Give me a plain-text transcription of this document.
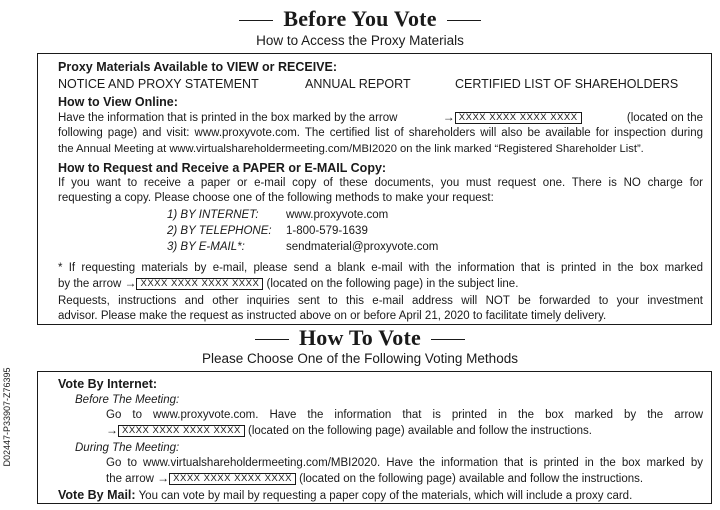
Before You Vote
How to Access the Proxy Materials
Proxy Materials Available to VIEW or RECEIVE:
NOTICE AND PROXY STATEMENT	ANNUAL REPORT	CERTIFIED LIST OF SHAREHOLDERS
How to View Online:
Have the information that is printed in the box marked by the arrow	→ XXXX XXXX XXXX XXXX	(located on the
following page) and visit: www.proxyvote.com. The certified list of shareholders will also be available for inspection during
the Annual Meeting at www.virtualshareholdermeeting.com/MBI2020 on the link marked “Registered Shareholder List”.
How to Request and Receive a PAPER or E-MAIL Copy:
If you want to receive a paper or e-mail copy of these documents, you must request one. There is NO charge for
requesting a copy. Please choose one of the following methods to make your request:
1) BY INTERNET: www.proxyvote.com
2) BY TELEPHONE: 1-800-579-1639
3) BY E-MAIL*:	sendmaterial@proxyvote.com
* If requesting materials by e-mail, please send a blank e-mail with the information that is printed in the box marked
by the arrow → XXXX XXXX XXXX XXXX (located on the following page) in the subject line.
Requests, instructions and other inquiries sent to this e-mail address will NOT be forwarded to your investment
advisor. Please make the request as instructed above on or before April 21, 2020 to facilitate timely delivery.
How To Vote
Please Choose One of the Following Voting Methods
Vote By Internet:
Before The Meeting:
Go to www.proxyvote.com. Have the information that is printed in the box marked by the arrow
→ XXXX XXXX XXXX XXXX (located on the following page) available and follow the instructions.
During The Meeting:
Go to www.virtualshareholdermeeting.com/MBI2020. Have the information that is printed in the box marked by
the arrow → XXXX XXXX XXXX XXXX (located on the following page) available and follow the instructions.
Vote By Mail: You can vote by mail by requesting a paper copy of the materials, which will include a proxy card.
D02447-P33907-Z76395
